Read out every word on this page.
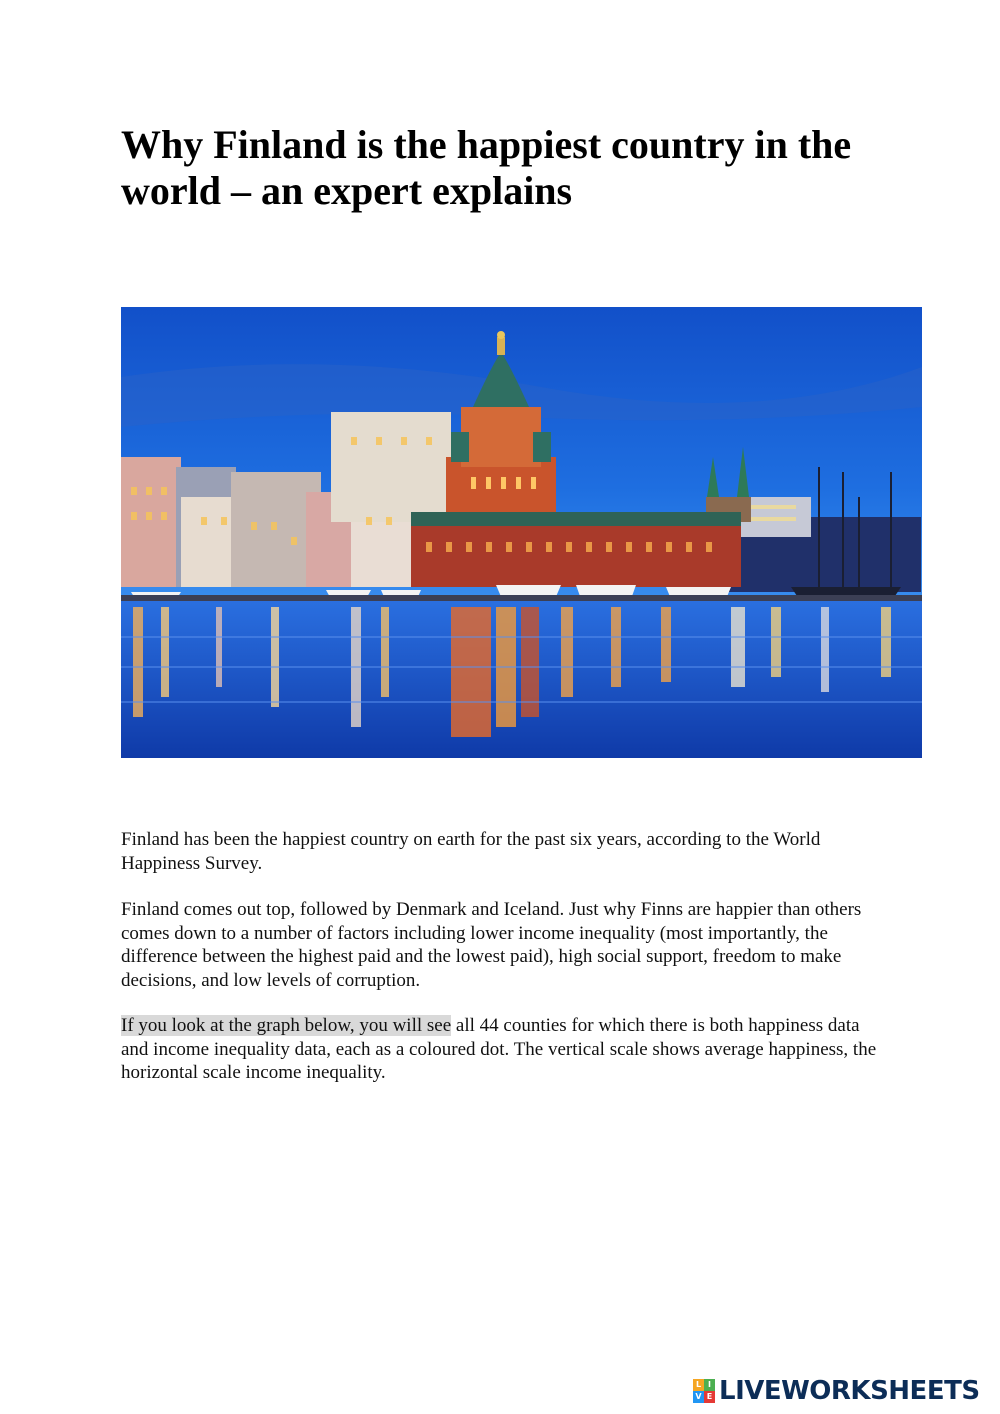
Why Finland is the happiest country in the world – an expert explains

Finland has been the happiest country on earth for the past six years, according to the World Happiness Survey.

Finland comes out top, followed by Denmark and Iceland. Just why Finns are happier than others comes down to a number of factors including lower income inequality (most importantly, the difference between the highest paid and the lowest paid), high social support, freedom to make decisions, and low levels of corruption.

If you look at the graph below, you will see all 44 counties for which there is both happiness data and income inequality data, each as a coloured dot. The vertical scale shows average happiness, the horizontal scale income inequality.

L I
V E LIVEWORKSHEETS
